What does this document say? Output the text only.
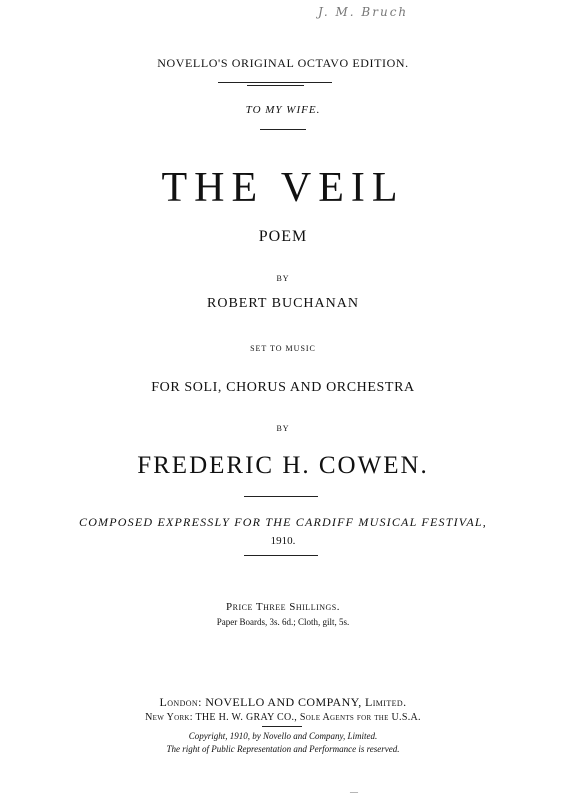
J. M. Bruch
NOVELLO'S ORIGINAL OCTAVO EDITION.
TO MY WIFE.
THE VEIL
POEM
BY
ROBERT BUCHANAN
SET TO MUSIC
FOR SOLI, CHORUS AND ORCHESTRA
BY
FREDERIC H. COWEN.
COMPOSED EXPRESSLY FOR THE CARDIFF MUSICAL FESTIVAL,
1910.
Price Three Shillings.
Paper Boards, 3s. 6d.; Cloth, gilt, 5s.
London: NOVELLO AND COMPANY, Limited.
New York: THE H. W. GRAY CO., Sole Agents for the U.S.A.
Copyright, 1910, by Novello and Company, Limited.
The right of Public Representation and Performance is reserved.
—
